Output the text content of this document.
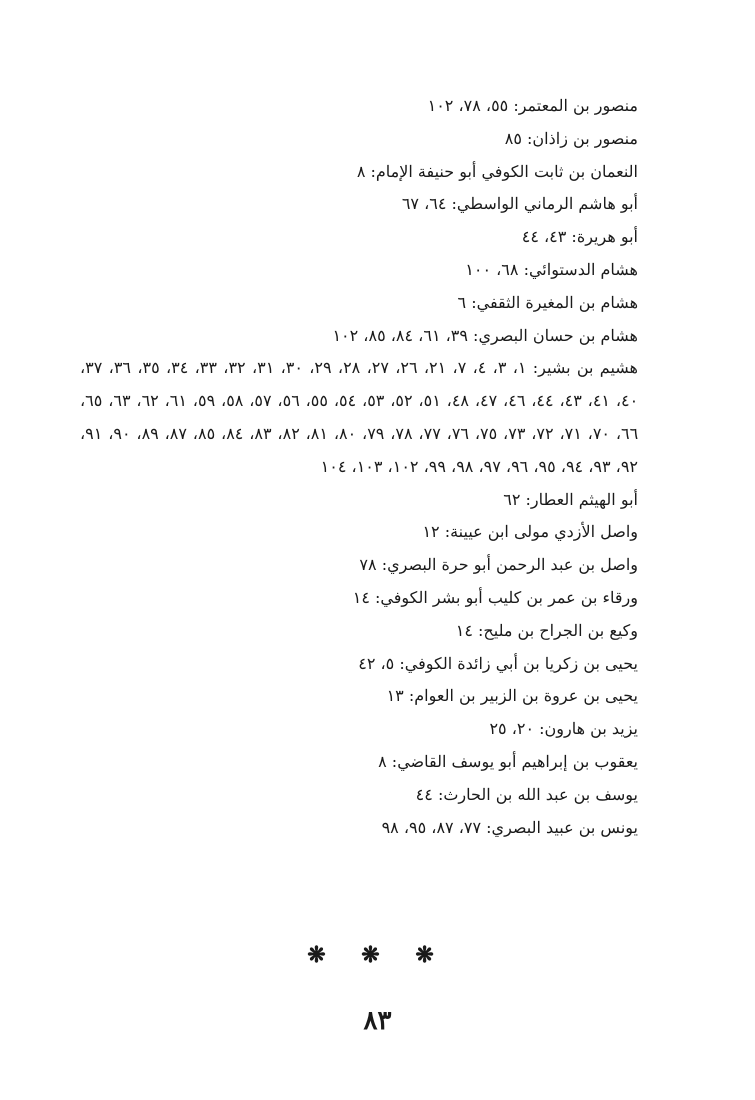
منصور بن المعتمر: ٥٥، ٧٨، ١٠٢
منصور بن زاذان: ٨٥
النعمان بن ثابت الكوفي أبو حنيفة الإمام: ٨
أبو هاشم الرماني الواسطي: ٦٤، ٦٧
أبو هريرة: ٤٣، ٤٤
هشام الدستوائي: ٦٨، ١٠٠
هشام بن المغيرة الثقفي: ٦
هشام بن حسان البصري: ٣٩، ٦١، ٨٤، ٨٥، ١٠٢
هشيم بن بشير: ١، ٣، ٤، ٧، ٢١، ٢٦، ٢٧، ٢٨، ٢٩، ٣٠، ٣١، ٣٢، ٣٣، ٣٤، ٣٥، ٣٦، ٣٧، ٤٠، ٤١، ٤٣، ٤٤، ٤٦، ٤٧، ٤٨، ٥١، ٥٢، ٥٣، ٥٤، ٥٥، ٥٦، ٥٧، ٥٨، ٥٩، ٦١، ٦٢، ٦٣، ٦٥، ٦٦، ٧٠، ٧١، ٧٢، ٧٣، ٧٥، ٧٦، ٧٧، ٧٨، ٧٩، ٨٠، ٨١، ٨٢، ٨٣، ٨٤، ٨٥، ٨٧، ٨٩، ٩٠، ٩١، ٩٢، ٩٣، ٩٤، ٩٥، ٩٦، ٩٧، ٩٨، ٩٩، ١٠٢، ١٠٣، ١٠٤
أبو الهيثم العطار: ٦٢
واصل الأزدي مولى ابن عيينة: ١٢
واصل بن عبد الرحمن أبو حرة البصري: ٧٨
ورقاء بن عمر بن كليب أبو بشر الكوفي: ١٤
وكيع بن الجراح بن مليح: ١٤
يحيى بن زكريا بن أبي زائدة الكوفي: ٥، ٤٢
يحيى بن عروة بن الزبير بن العوام: ١٣
يزيد بن هارون: ٢٠، ٢٥
يعقوب بن إبراهيم أبو يوسف القاضي: ٨
يوسف بن عبد الله بن الحارث: ٤٤
يونس بن عبيد البصري: ٧٧، ٨٧، ٩٥، ٩٨
❋ ❋ ❋
٨٣
